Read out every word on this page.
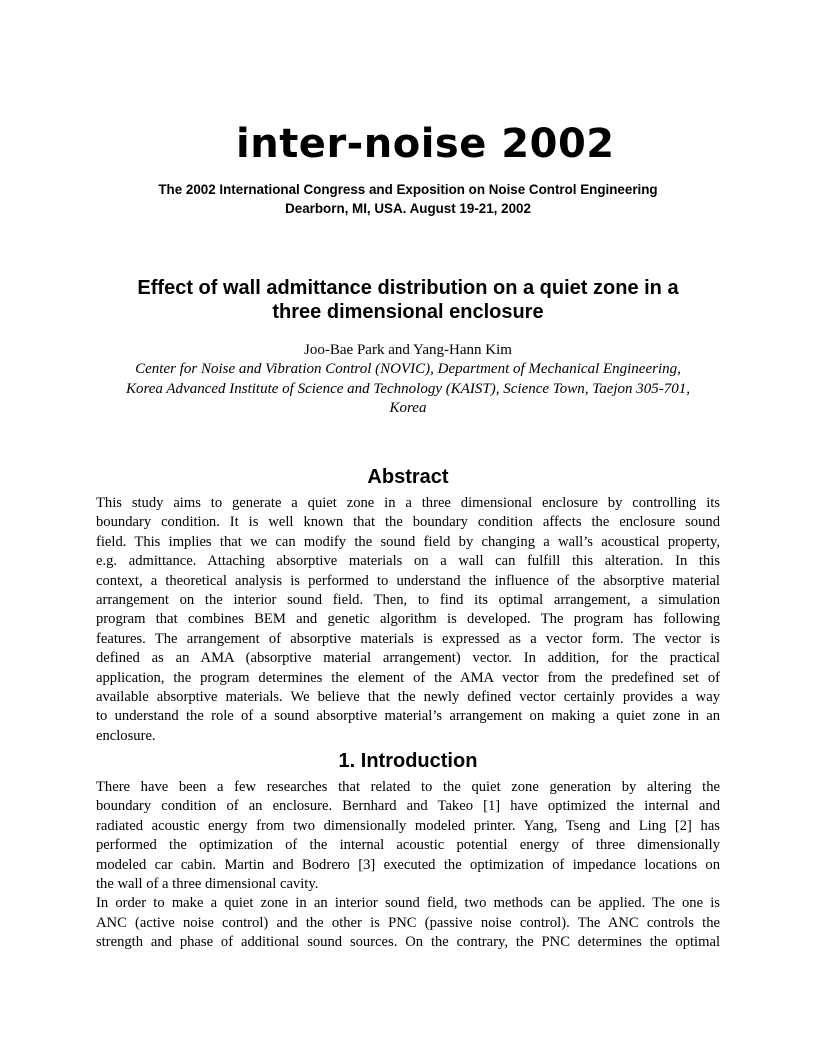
inter-noise 2002
The 2002 International Congress and Exposition on Noise Control Engineering
Dearborn, MI, USA. August 19-21, 2002
Effect of wall admittance distribution on a quiet zone in a
three dimensional enclosure
Joo-Bae Park and Yang-Hann Kim
Center for Noise and Vibration Control (NOVIC), Department of Mechanical Engineering,
Korea Advanced Institute of Science and Technology (KAIST), Science Town, Taejon 305-701,
Korea
Abstract
This study aims to generate a quiet zone in a three dimensional enclosure by controlling its
boundary condition. It is well known that the boundary condition affects the enclosure sound
field. This implies that we can modify the sound field by changing a wall’s acoustical property,
e.g. admittance. Attaching absorptive materials on a wall can fulfill this alteration. In this
context, a theoretical analysis is performed to understand the influence of the absorptive material
arrangement on the interior sound field. Then, to find its optimal arrangement, a simulation
program that combines BEM and genetic algorithm is developed. The program has following
features. The arrangement of absorptive materials is expressed as a vector form. The vector is
defined as an AMA (absorptive material arrangement) vector. In addition, for the practical
application, the program determines the element of the AMA vector from the predefined set of
available absorptive materials. We believe that the newly defined vector certainly provides a way
to understand the role of a sound absorptive material’s arrangement on making a quiet zone in an
enclosure.
1. Introduction
There have been a few researches that related to the quiet zone generation by altering the
boundary condition of an enclosure. Bernhard and Takeo [1] have optimized the internal and
radiated acoustic energy from two dimensionally modeled printer. Yang, Tseng and Ling [2] has
performed the optimization of the internal acoustic potential energy of three dimensionally
modeled car cabin. Martin and Bodrero [3] executed the optimization of impedance locations on
the wall of a three dimensional cavity.
In order to make a quiet zone in an interior sound field, two methods can be applied. The one is
ANC (active noise control) and the other is PNC (passive noise control). The ANC controls the
strength and phase of additional sound sources. On the contrary, the PNC determines the optimal
